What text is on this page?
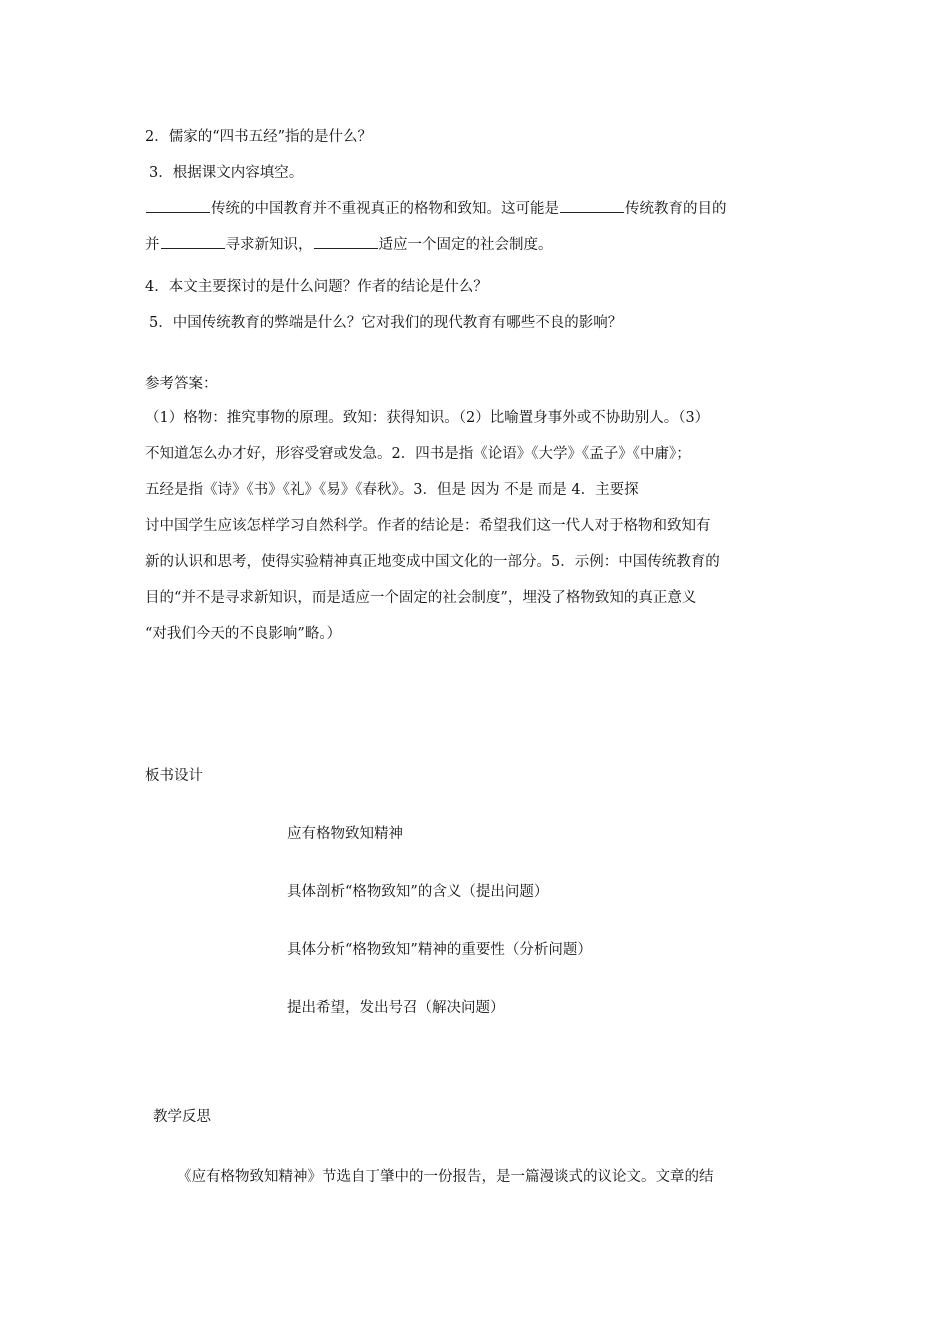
2．儒家的“四书五经”指的是什么？
3．根据课文内容填空。
传统的中国教育并不重视真正的格物和致知。这可能是	传统教育的目的
并	寻求新知识，	适应一个固定的社会制度。
4．本文主要探讨的是什么问题？作者的结论是什么？
5．中国传统教育的弊端是什么？它对我们的现代教育有哪些不良的影响？
参考答案：
（1）格物：推究事物的原理。致知：获得知识。（2）比喻置身事外或不协助别人。（3）
不知道怎么办才好，形容受窘或发急。2．四书是指《论语》《大学》《孟子》《中庸》；
五经是指《诗》《书》《礼》《易》《春秋》。3．但是 因为 不是 而是 4．主要探
讨中国学生应该怎样学习自然科学。作者的结论是：希望我们这一代人对于格物和致知有
新的认识和思考，使得实验精神真正地变成中国文化的一部分。5．示例：中国传统教育的
目的“并不是寻求新知识，而是适应一个固定的社会制度”，埋没了格物致知的真正意义
“对我们今天的不良影响”略。）
板书设计
应有格物致知精神
具体剖析“格物致知”的含义（提出问题）
具体分析“格物致知”精神的重要性（分析问题）
提出希望，发出号召（解决问题）
教学反思
《应有格物致知精神》节选自丁肇中的一份报告，是一篇漫谈式的议论文。文章的结
